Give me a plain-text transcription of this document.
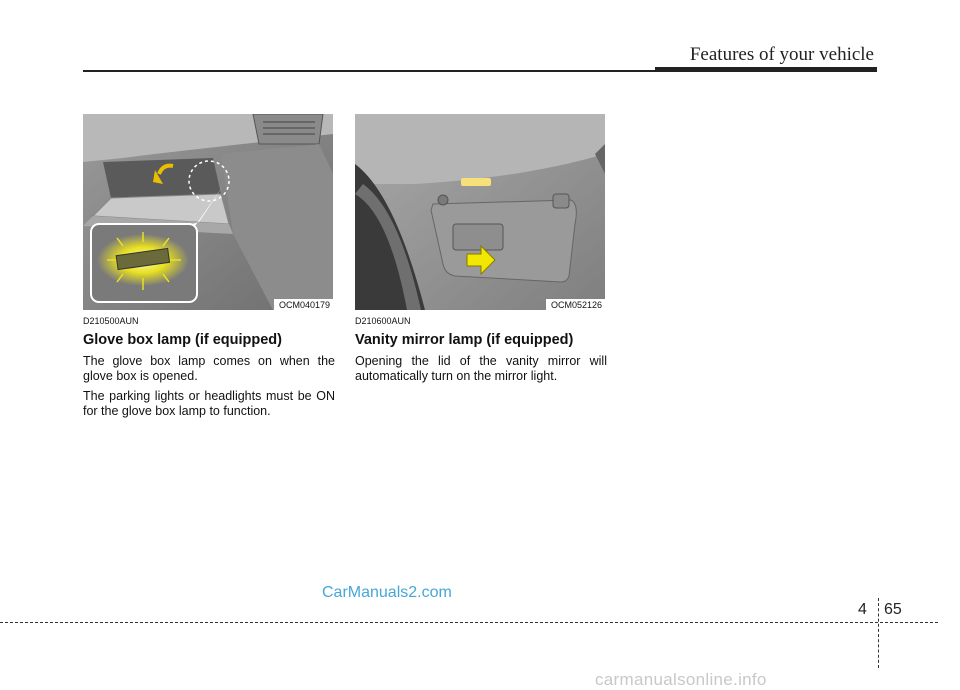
Features of your vehicle
OCM040179	OCM052126
D210500AUN
Glove box lamp (if equipped)

The glove box lamp comes on when the glove box is opened.

The parking lights or headlights must be ON for the glove box lamp to function.

D210600AUN
Vanity mirror lamp (if equipped)

Opening the lid of the vanity mirror will automatically turn on the mirror light.

CarManuals2.com
4 65
carmanualsonline.info
